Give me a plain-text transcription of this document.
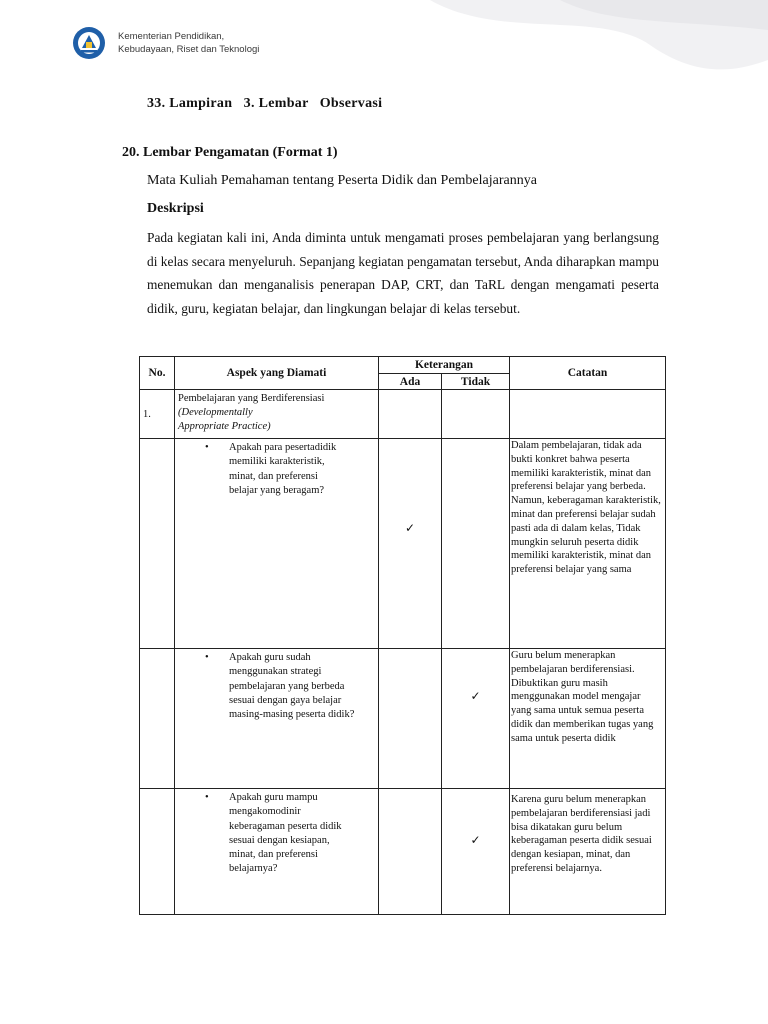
Kementerian Pendidikan,
Kebudayaan, Riset dan Teknologi
33. Lampiran   3. Lembar   Observasi
20. Lembar Pengamatan (Format 1)
Mata Kuliah Pemahaman tentang Peserta Didik dan Pembelajarannya
Deskripsi
Pada kegiatan kali ini, Anda diminta untuk mengamati proses pembelajaran yang berlangsung di kelas secara menyeluruh. Sepanjang kegiatan pengamatan tersebut, Anda diharapkan mampu menemukan dan menganalisis penerapan DAP, CRT, dan TaRL dengan mengamati peserta didik, guru, kegiatan belajar, dan lingkungan belajar di kelas tersebut.
No.	Aspek yang Diamati	Keterangan		Catatan
		Ada	Tidak	

1.	Pembelajaran yang Berdiferensiasi
(Developmentally
Appropriate Practice)			

	• Apakah para pesertadidik memiliki karakteristik, minat, dan preferensi belajar yang beragam?	✓		Dalam pembelajaran, tidak ada bukti konkret bahwa peserta memiliki karakteristik, minat dan preferensi belajar yang berbeda. Namun, keberagaman karakteristik, minat dan preferensi belajar sudah pasti ada di dalam kelas, Tidak mungkin seluruh peserta didik memiliki karakteristik, minat dan preferensi belajar yang sama

	• Apakah guru sudah menggunakan strategi pembelajaran yang berbeda sesuai dengan gaya belajar masing-masing peserta didik?		✓	Guru belum menerapkan pembelajaran berdiferensiasi. Dibuktikan guru masih menggunakan model mengajar yang sama untuk semua peserta didik dan memberikan tugas yang sama untuk peserta didik

	• Apakah guru mampu mengakomodinir keberagaman peserta didik sesuai dengan kesiapan, minat, dan preferensi belajarnya?		✓	Karena guru belum menerapkan pembelajaran berdiferensiasi jadi bisa dikatakan guru belum keberagaman peserta didik sesuai dengan kesiapan, minat, dan preferensi belajarnya.
